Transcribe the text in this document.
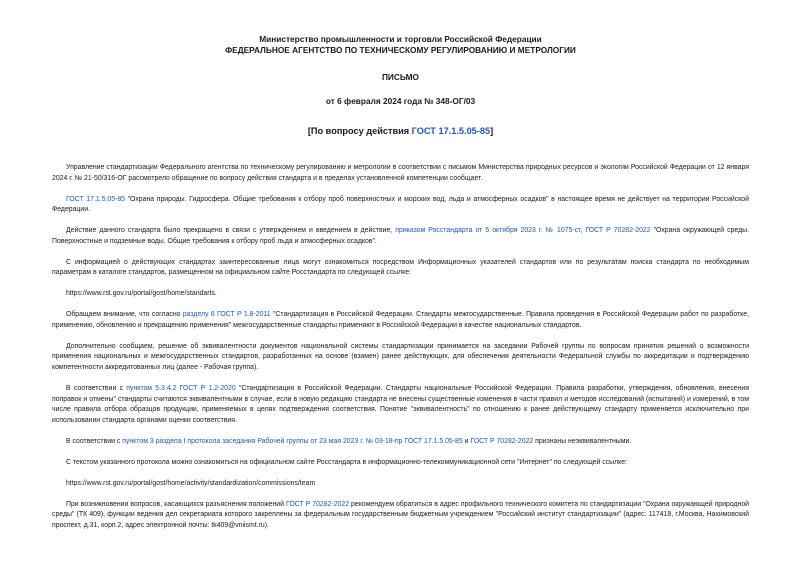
Министерство промышленности и торговли Российской Федерации
ФЕДЕРАЛЬНОЕ АГЕНТСТВО ПО ТЕХНИЧЕСКОМУ РЕГУЛИРОВАНИЮ И МЕТРОЛОГИИ
ПИСЬМО
от 6 февраля 2024 года № 348-ОГ/03
[По вопросу действия ГОСТ 17.1.5.05-85]

Управление стандартизации Федерального агентства по техническому регулированию и метрологии в соответствии с письмом Министерства природных ресурсов и экологии Российской Федерации от 12 января 2024 г. № 21-50/316-ОГ рассмотрело обращение по вопросу действия стандарта и в пределах установленной компетенции сообщает.

ГОСТ 17.1.5.05-85 "Охрана природы. Гидросфера. Общие требования к отбору проб поверхностных и морских вод, льда и атмосферных осадков" в настоящее время не действует на территории Российской Федерации.

Действие данного стандарта было прекращено в связи с утверждением и введением в действие, приказом Росстандарта от 5 октября 2023 г. № 1075-ст, ГОСТ Р 70282-2022 "Охрана окружающей среды. Поверхностные и подземные воды. Общие требования к отбору проб льда и атмосферных осадков".

С информацией о действующих стандартах заинтересованные лица могут ознакомиться посредством Информационных указателей стандартов или по результатам поиска стандарта по необходимым параметрам в каталоге стандартов, размещенном на официальном сайте Росстандарта по следующей ссылке:

https://www.rst.gov.ru/portal/gost/home/standarts.

Обращаем внимание, что согласно разделу 6 ГОСТ Р 1.8-2011 "Стандартизация в Российской Федерации. Стандарты межгосударственные. Правила проведения в Российской Федерации работ по разработке, применению, обновлению и прекращению применения" межгосударственные стандарты применяют в Российской Федерации в качестве национальных стандартов.

Дополнительно сообщаем, решение об эквивалентности документов национальной системы стандартизации принимается на заседании Рабочей группы по вопросам принятия решений о возможности применения национальных и межгосударственных стандартов, разработанных на основе (взамен) ранее действующих, для обеспечения деятельности Федеральной службы по аккредитации и подтверждению компетентности аккредитованных лиц (далее - Рабочая группа).

В соответствии с пунктом 5.3.4.2 ГОСТ Р 1.2-2020 "Стандартизация в Российской Федерации. Стандарты национальные Российской Федерации. Правила разработки, утверждения, обновления, внесения поправок и отмены" стандарты считаются эквивалентными в случае, если в новую редакцию стандарта не внесены существенные изменения в части правил и методов исследований (испытаний) и измерений, в том числе правила отбора образцов продукции, применяемых в целях подтверждения соответствия. Понятие "эквивалентность" по отношению к ранее действующему стандарту применяется исключительно при использовании стандарта органами оценки соответствия.

В соответствии с пунктом 3 раздела I протокола заседания Рабочей группы от 23 мая 2023 г. № 03-18-пр ГОСТ 17.1.5.05-85 и ГОСТ Р 70282-2022 признаны неэквивалентными.

С текстом указанного протокола можно ознакомиться на официальном сайте Росстандарта в информационно-телекоммуникационной сети "Интернет" по следующей ссылке:

https://www.rst.gov.ru/portal/gost/home/activity/standardization/commissions/team

При возникновении вопросов, касающихся разъяснения положений ГОСТ Р 70282-2022 рекомендуем обратиться в адрес профильного технического комитета по стандартизации "Охрана окружающей природной среды" (ТК 409), функции ведения дел секретариата которого закреплены за федеральным государственным бюджетным учреждением "Российский институт стандартизации" (адрес: 117418, г.Москва, Нахимовский проспект, д.31, корп.2, адрес электронной почты: tk409@vniismt.ru).
